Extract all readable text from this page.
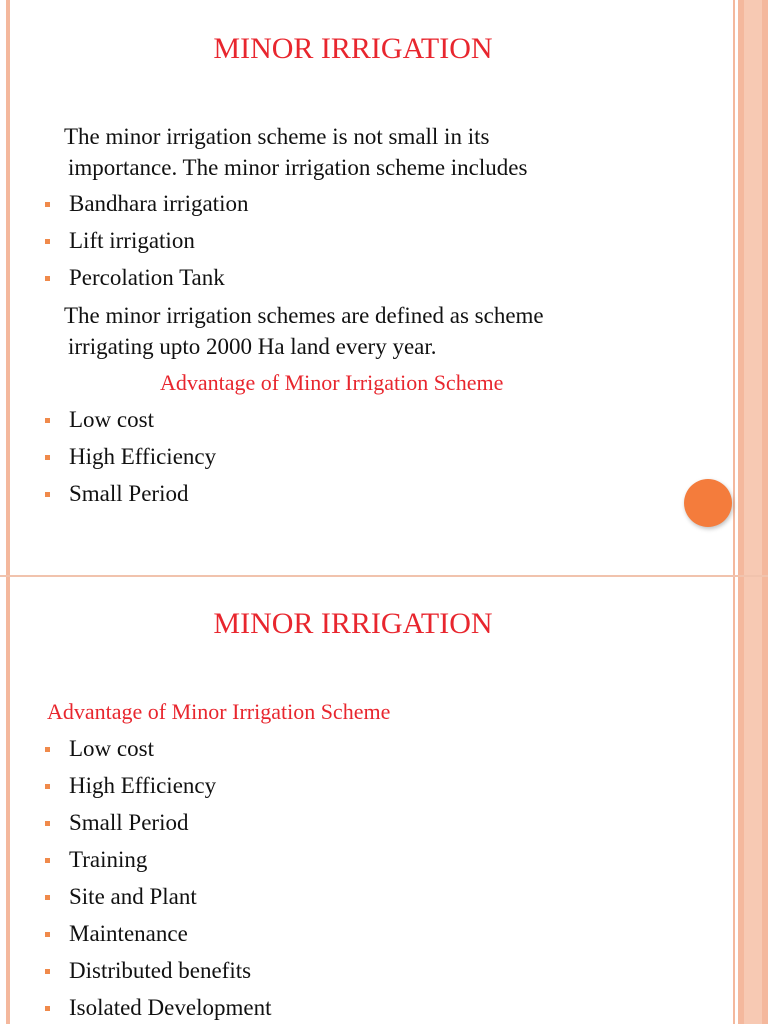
MINOR IRRIGATION
The minor irrigation scheme is not small in its
importance. The minor irrigation scheme includes
Bandhara irrigation
Lift irrigation
Percolation Tank
The minor irrigation schemes are defined as scheme
irrigating upto 2000 Ha land every year.
Advantage of Minor Irrigation Scheme
Low cost
High Efficiency
Small Period
MINOR IRRIGATION
Advantage of Minor Irrigation Scheme
Low cost
High Efficiency
Small Period
Training
Site and Plant
Maintenance
Distributed benefits
Isolated Development
